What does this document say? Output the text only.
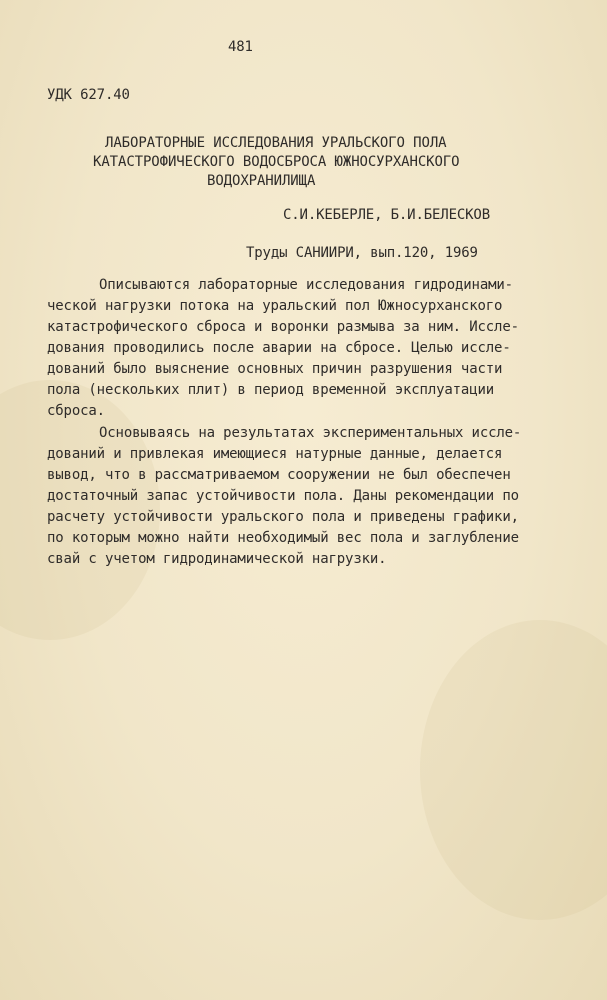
481
УДК 627.40
ЛАБОРАТОРНЫЕ ИССЛЕДОВАНИЯ УРАЛЬСКОГО ПОЛА
КАТАСТРОФИЧЕСКОГО ВОДОСБРОСА ЮЖНОСУРХАНСКОГО
ВОДОХРАНИЛИЩА
С.И.КЕБЕРЛЕ, Б.И.БЕЛЕСКОВ
Труды САНИИРИ, вып.120, 1969
Описываются лабораторные исследования гидродинами-
ческой нагрузки потока на уральский пол Южносурханского
катастрофического сброса и воронки размыва за ним. Иссле-
дования проводились после аварии на сбросе. Целью иссле-
дований было выяснение основных причин разрушения части
пола (нескольких плит) в период временной эксплуатации
сброса.
Основываясь на результатах экспериментальных иссле-
дований и привлекая имеющиеся натурные данные, делается
вывод, что в рассматриваемом сооружении не был обеспечен
достаточный запас устойчивости пола. Даны рекомендации по
расчету устойчивости уральского пола и приведены графики,
по которым можно найти необходимый вес пола и заглубление
свай с учетом гидродинамической нагрузки.
